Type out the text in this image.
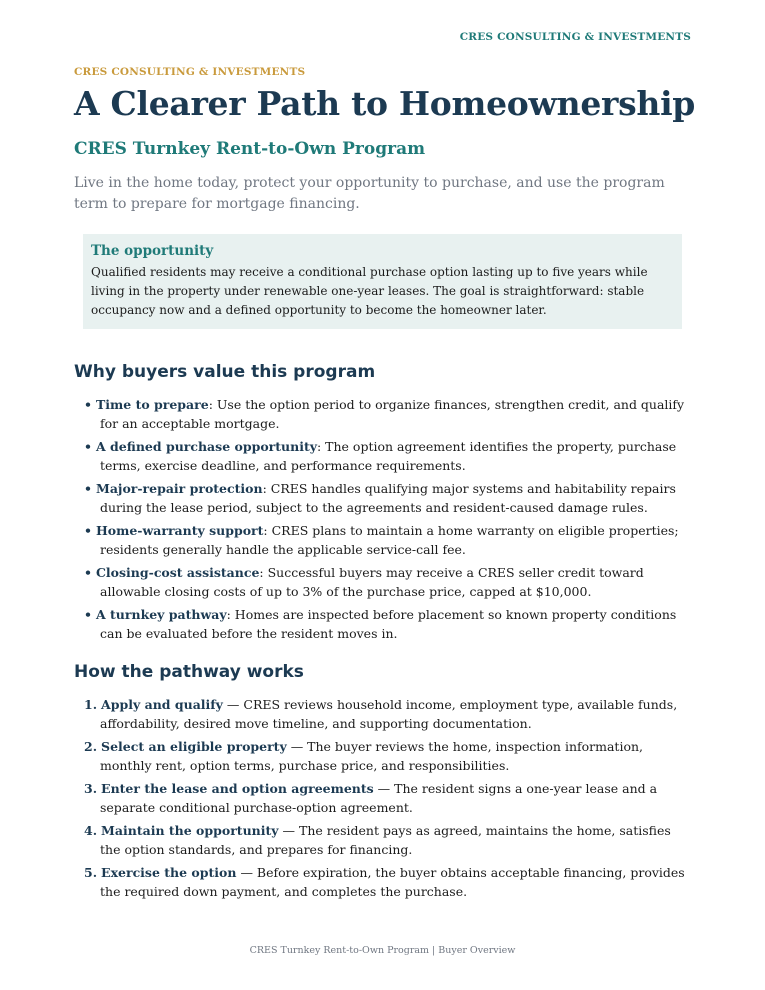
CRES CONSULTING & INVESTMENTS

CRES CONSULTING & INVESTMENTS

A Clearer Path to Homeownership
CRES Turnkey Rent-to-Own Program

Live in the home today, protect your opportunity to purchase, and use the program term to prepare for mortgage financing.

The opportunity

Qualified residents may receive a conditional purchase option lasting up to five years while living in the property under renewable one-year leases. The goal is straightforward: stable occupancy now and a defined opportunity to become the homeowner later.

Why buyers value this program
• Time to prepare: Use the option period to organize finances, strengthen credit, and qualify for an acceptable mortgage.
• A defined purchase opportunity: The option agreement identifies the property, purchase terms, exercise deadline, and performance requirements.
• Major-repair protection: CRES handles qualifying major systems and habitability repairs during the lease period, subject to the agreements and resident-caused damage rules.
• Home-warranty support: CRES plans to maintain a home warranty on eligible properties; residents generally handle the applicable service-call fee.
• Closing-cost assistance: Successful buyers may receive a CRES seller credit toward allowable closing costs of up to 3% of the purchase price, capped at $10,000.
• A turnkey pathway: Homes are inspected before placement so known property conditions can be evaluated before the resident moves in.
How the pathway works
1. Apply and qualify — CRES reviews household income, employment type, available funds, affordability, desired move timeline, and supporting documentation.
2. Select an eligible property — The buyer reviews the home, inspection information, monthly rent, option terms, purchase price, and responsibilities.
3. Enter the lease and option agreements — The resident signs a one-year lease and a separate conditional purchase-option agreement.
4. Maintain the opportunity — The resident pays as agreed, maintains the home, satisfies the option standards, and prepares for financing.
5. Exercise the option — Before expiration, the buyer obtains acceptable financing, provides the required down payment, and completes the purchase.

CRES Turnkey Rent-to-Own Program | Buyer Overview
